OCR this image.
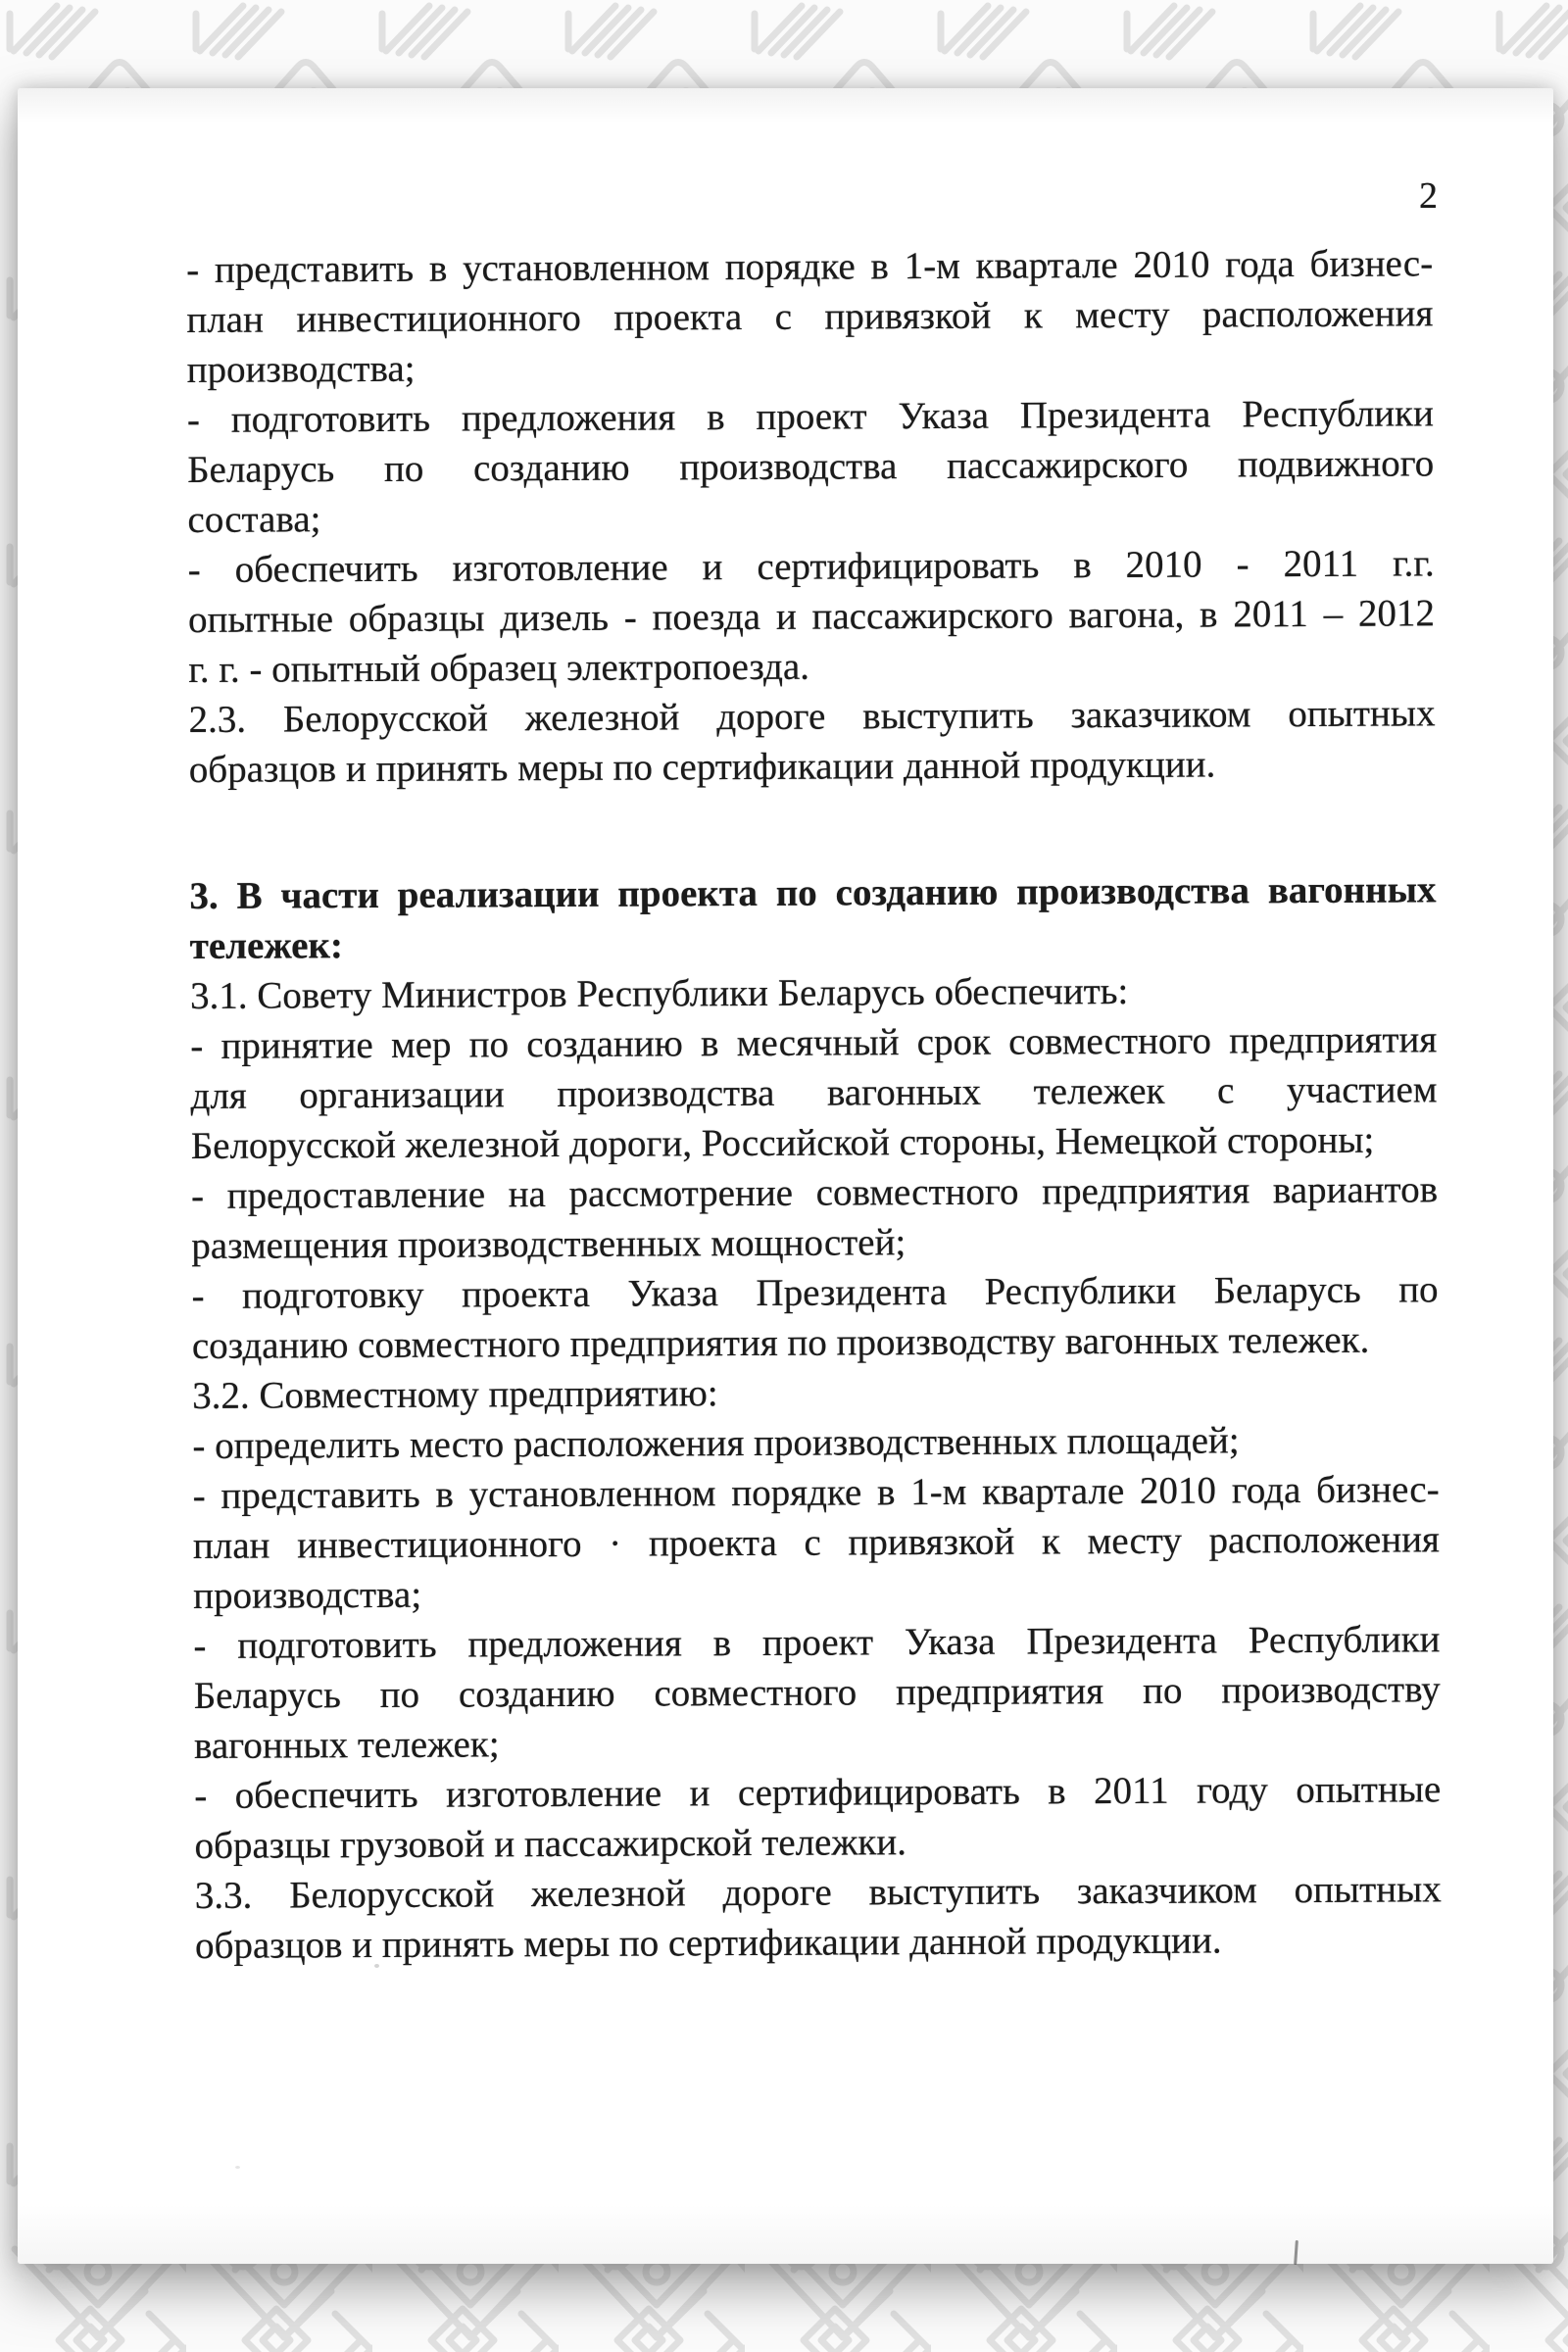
2
- представить в установленном порядке в 1-м квартале 2010 года бизнес-
план инвестиционного проекта с привязкой к месту расположения
производства;
- подготовить предложения в проект Указа Президента Республики
Беларусь по созданию производства пассажирского подвижного
состава;
- обеспечить изготовление и сертифицировать в 2010 - 2011 г.г.
опытные образцы дизель - поезда и пассажирского вагона, в 2011 – 2012
г. г. - опытный образец электропоезда.
2.3. Белорусской железной дороге выступить заказчиком опытных
образцов и принять меры по сертификации данной продукции.
3. В части реализации проекта по созданию производства вагонных
тележек:
3.1. Совету Министров Республики Беларусь обеспечить:
- принятие мер по созданию в месячный срок совместного предприятия
для организации производства вагонных тележек с участием
Белорусской железной дороги, Российской стороны, Немецкой стороны;
- предоставление на рассмотрение совместного предприятия вариантов
размещения производственных мощностей;
- подготовку проекта Указа Президента Республики Беларусь по
созданию совместного предприятия по производству вагонных тележек.
3.2. Совместному предприятию:
- определить место расположения производственных площадей;
- представить в установленном порядке в 1-м квартале 2010 года бизнес-
план инвестиционного · проекта с привязкой к месту расположения
производства;
- подготовить предложения в проект Указа Президента Республики
Беларусь по созданию совместного предприятия по производству
вагонных тележек;
- обеспечить изготовление и сертифицировать в 2011 году опытные
образцы грузовой и пассажирской тележки.
3.3. Белорусской железной дороге выступить заказчиком опытных
образцов и принять меры по сертификации данной продукции.
